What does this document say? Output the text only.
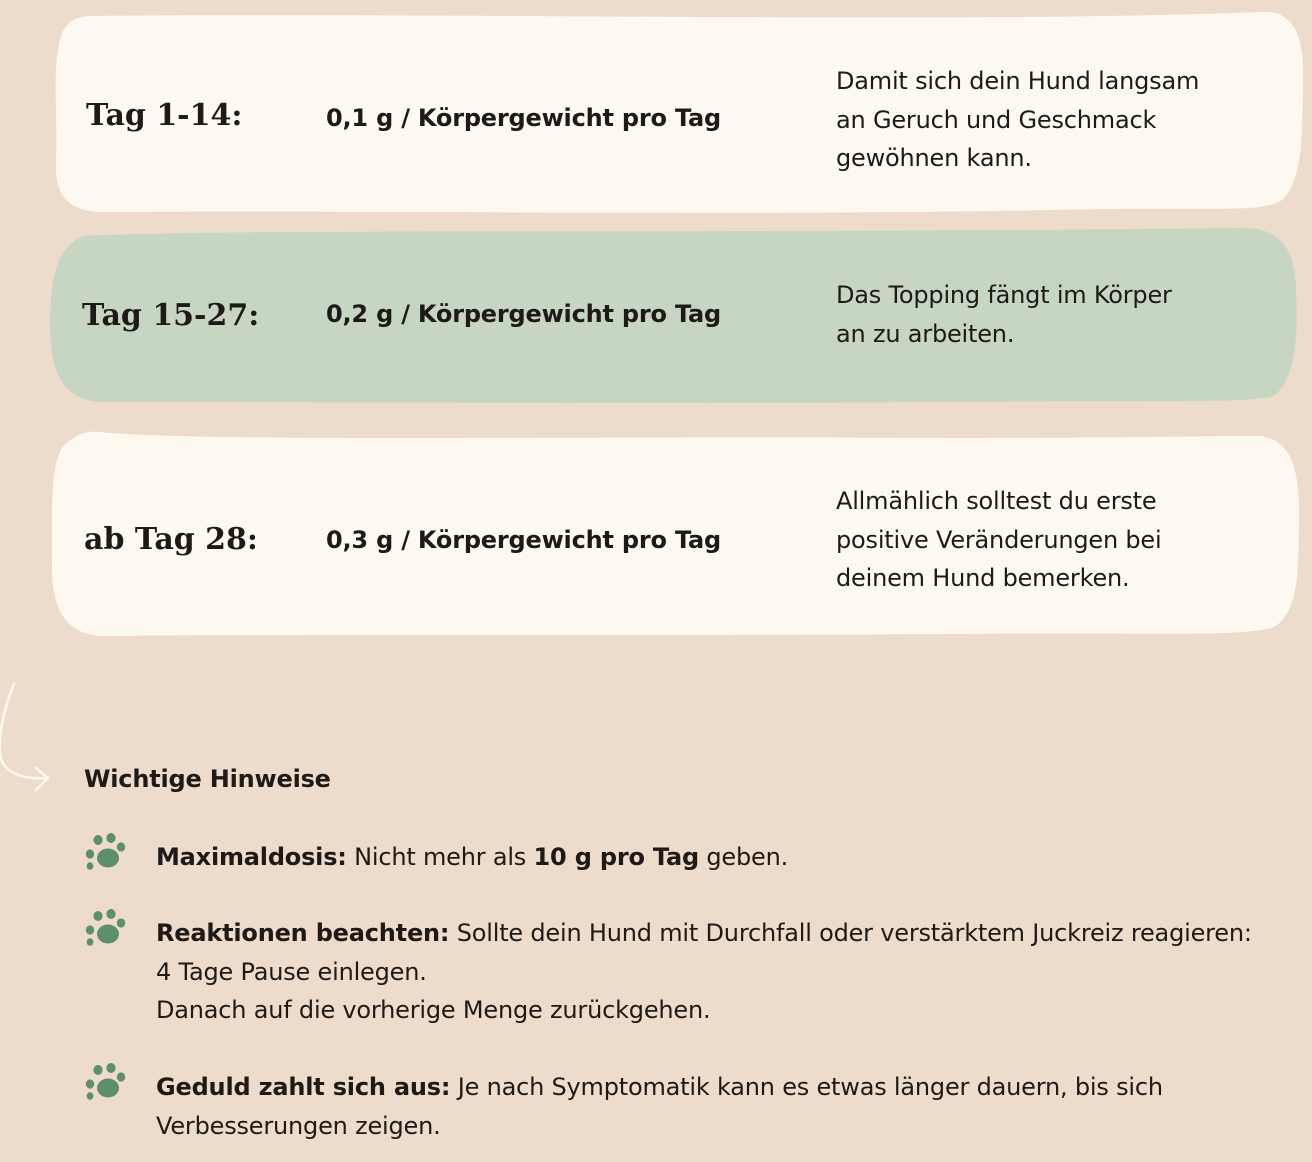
Tag 1-14:	0,1 g / Körpergewicht pro Tag
Damit sich dein Hund langsam
an Geruch und Geschmack
gewöhnen kann.
Tag 15-27:	0,2 g / Körpergewicht pro Tag
Das Topping fängt im Körper
an zu arbeiten.
ab Tag 28:	0,3 g / Körpergewicht pro Tag
Allmählich solltest du erste
positive Veränderungen bei
deinem Hund bemerken.
Wichtige Hinweise
Maximaldosis: Nicht mehr als 10 g pro Tag geben.
Reaktionen beachten: Sollte dein Hund mit Durchfall oder verstärktem Juckreiz reagieren: 4 Tage Pause einlegen.
Danach auf die vorherige Menge zurückgehen.
Geduld zahlt sich aus: Je nach Symptomatik kann es etwas länger dauern, bis sich Verbesserungen zeigen.
